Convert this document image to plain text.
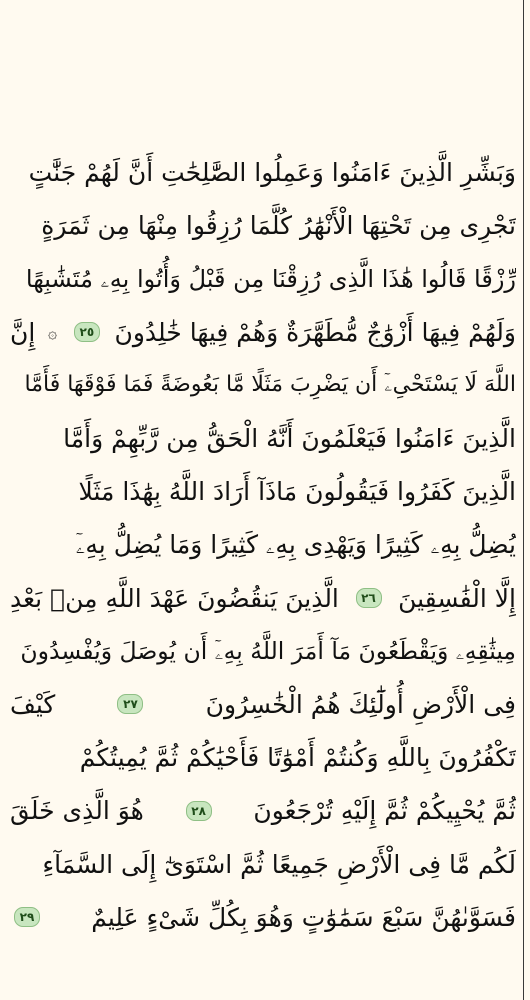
وَبَشِّرِ الَّذِينَ ءَامَنُوا وَعَمِلُوا الصَّٰلِحَٰتِ أَنَّ لَهُمْ جَنَّٰتٍ
تَجْرِى مِن تَحْتِهَا الْأَنْهَٰرُ كُلَّمَا رُزِقُوا مِنْهَا مِن ثَمَرَةٍ
رِّزْقًا قَالُوا هَٰذَا الَّذِى رُزِقْنَا مِن قَبْلُ وَأُتُوا بِهِۦ مُتَشَٰبِهًا
وَلَهُمْ فِيهَا أَزْوَٰجٌ مُّطَهَّرَةٌ وَهُمْ فِيهَا خَٰلِدُونَ
٢٥
۞
إِنَّ
اللَّهَ لَا يَسْتَحْىِۦٓ أَن يَضْرِبَ مَثَلًا مَّا بَعُوضَةً فَمَا فَوْقَهَا فَأَمَّا
الَّذِينَ ءَامَنُوا فَيَعْلَمُونَ أَنَّهُ الْحَقُّ مِن رَّبِّهِمْ وَأَمَّا
الَّذِينَ كَفَرُوا فَيَقُولُونَ مَاذَآ أَرَادَ اللَّهُ بِهَٰذَا مَثَلًا
يُضِلُّ بِهِۦ كَثِيرًا وَيَهْدِى بِهِۦ كَثِيرًا وَمَا يُضِلُّ بِهِۦٓ
إِلَّا الْفَٰسِقِينَ
٢٦
الَّذِينَ يَنقُضُونَ عَهْدَ اللَّهِ مِنۢ بَعْدِ
مِيثَٰقِهِۦ وَيَقْطَعُونَ مَآ أَمَرَ اللَّهُ بِهِۦٓ أَن يُوصَلَ وَيُفْسِدُونَ
فِى الْأَرْضِ أُولَٰٓئِكَ هُمُ الْخَٰسِرُونَ
٢٧
كَيْفَ
تَكْفُرُونَ بِاللَّهِ وَكُنتُمْ أَمْوَٰتًا فَأَحْيَٰكُمْ ثُمَّ يُمِيتُكُمْ
ثُمَّ يُحْيِيكُمْ ثُمَّ إِلَيْهِ تُرْجَعُونَ
٢٨
هُوَ الَّذِى خَلَقَ
لَكُم مَّا فِى الْأَرْضِ جَمِيعًا ثُمَّ اسْتَوَىٰٓ إِلَى السَّمَآءِ
فَسَوَّىٰهُنَّ سَبْعَ سَمَٰوَٰتٍ وَهُوَ بِكُلِّ شَىْءٍ عَلِيمٌ
٢٩
